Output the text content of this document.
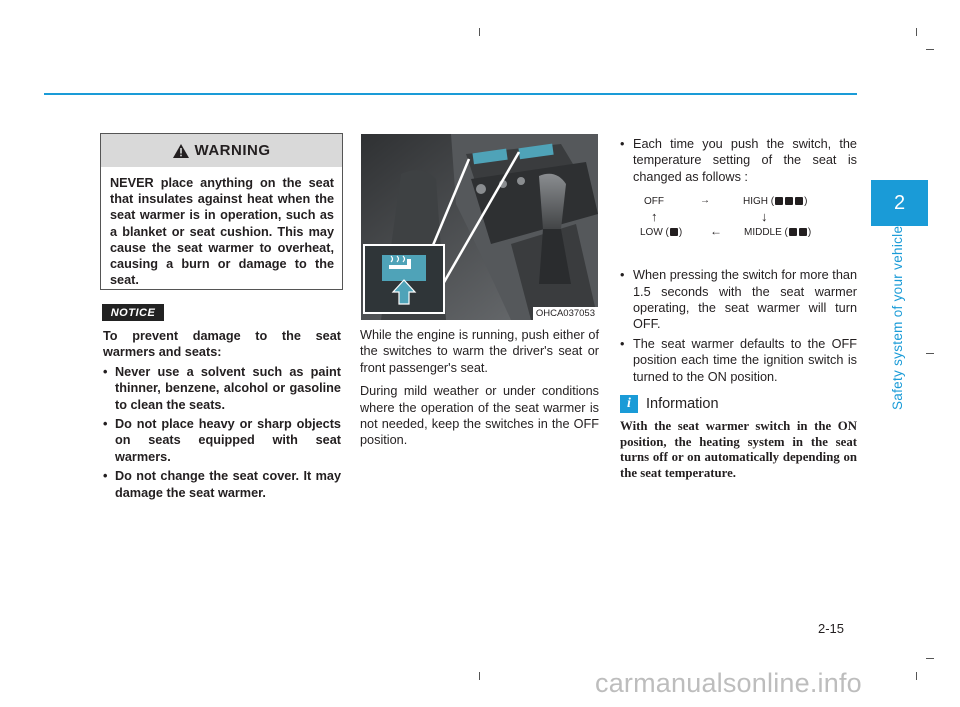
2
Safety system of your vehicle
WARNING
NEVER place anything on the seat that insulates against heat when the seat warmer is in operation, such as a blanket or seat cushion. This may cause the seat warmer to overheat, causing a burn or damage to the seat.
NOTICE

To prevent damage to the seat warmers and seats:

• Never use a solvent such as paint thinner, benzene, alcohol or gasoline to clean the seats.
• Do not place heavy or sharp objects on seats equipped with seat warmers.
• Do not change the seat cover. It may damage the seat warmer.
OHCA037053

While the engine is running, push either of the switches to warm the driver's seat or front passenger's seat.

During mild weather or under conditions where the operation of the seat warmer is not needed, keep the switches in the OFF position.

• Each time you push the switch, the temperature setting of the seat is changed as follows :
OFF	→	HIGH (	)
↑	↓
LOW ( ) ← MIDDLE ( )
• When pressing the switch for more than 1.5 seconds with the seat warmer operating, the seat warmer will turn OFF.
• The seat warmer defaults to the OFF position each time the ignition switch is turned to the ON position.
i	Information
With the seat warmer switch in the ON position, the heating system in the seat turns off or on automatically depending on the seat temperature.
2-15
carmanualsonline.info
